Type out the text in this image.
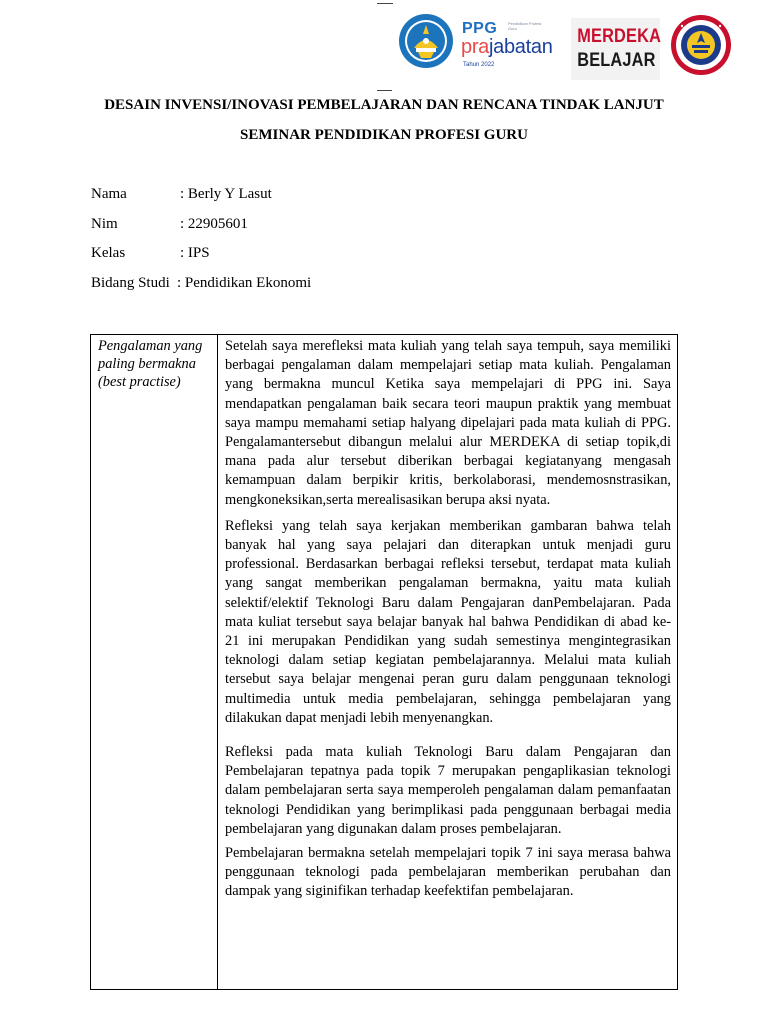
PPG	Pendidikan Profesi Guru
prajabatan
Tahun 2022
MERDEKA
BELAJAR
DESAIN INVENSI/INOVASI PEMBELAJARAN DAN RENCANA TINDAK LANJUT
SEMINAR PENDIDIKAN PROFESI GURU
Nama	: Berly Y Lasut
Nim	: 22905601
Kelas	: IPS
Bidang Studi : Pendidikan Ekonomi
Pengalaman yang
paling bermakna
(best practise)

Setelah saya merefleksi mata kuliah yang telah saya tempuh, saya memiliki berbagai pengalaman dalam mempelajari setiap mata kuliah. Pengalaman yang bermakna muncul Ketika saya mempelajari di PPG ini. Saya mendapatkan pengalaman baik secara teori maupun praktik yang membuat saya mampu memahami setiap halyang dipelajari pada mata kuliah di PPG. Pengalamantersebut dibangun melalui alur MERDEKA di setiap topik,di mana pada alur tersebut diberikan berbagai kegiatanyang mengasah kemampuan dalam berpikir kritis, berkolaborasi, mendemosnstrasikan, mengkoneksikan,serta merealisasikan berupa aksi nyata.

Refleksi yang telah saya kerjakan memberikan gambaran bahwa telah banyak hal yang saya pelajari dan diterapkan untuk menjadi guru professional. Berdasarkan berbagai refleksi tersebut, terdapat mata kuliah yang sangat memberikan pengalaman bermakna, yaitu mata kuliah selektif/elektif Teknologi Baru dalam Pengajaran danPembelajaran. Pada mata kuliat tersebut saya belajar banyak hal bahwa Pendidikan di abad ke- 21 ini merupakan Pendidikan yang sudah semestinya mengintegrasikan teknologi dalam setiap kegiatan pembelajarannya. Melalui mata kuliah tersebut saya belajar mengenai peran guru dalam penggunaan teknologi multimedia untuk media pembelajaran, sehingga pembelajaran yang dilakukan dapat menjadi lebih menyenangkan.

Refleksi pada mata kuliah Teknologi Baru dalam Pengajaran dan Pembelajaran tepatnya pada topik 7 merupakan pengaplikasian teknologi dalam pembelajaran serta saya memperoleh pengalaman dalam pemanfaatan teknologi Pendidikan yang berimplikasi pada penggunaan berbagai media pembelajaran yang digunakan dalam proses pembelajaran.

Pembelajaran bermakna setelah mempelajari topik 7 ini saya merasa bahwa penggunaan teknologi pada pembelajaran memberikan perubahan dan dampak yang siginifikan terhadap keefektifan pembelajaran.
